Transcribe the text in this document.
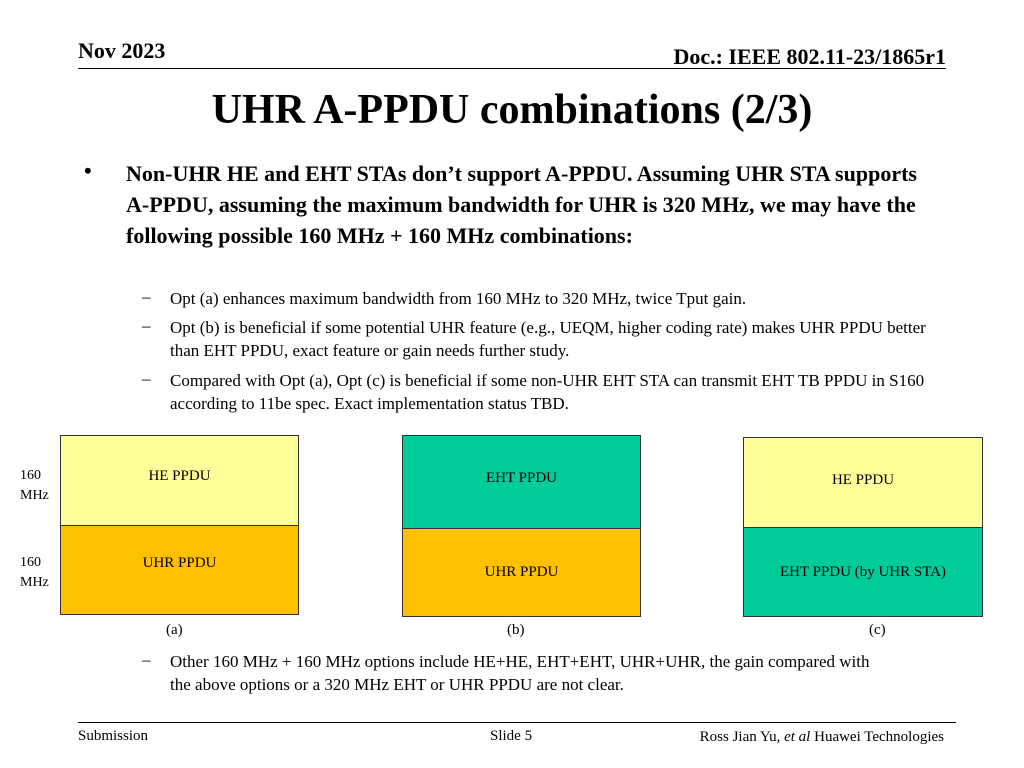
Nov 2023	Doc.: IEEE 802.11-23/1865r1
UHR A-PPDU combinations (2/3)
• Non-UHR HE and EHT STAs don’t support A-PPDU. Assuming UHR STA supports A-PPDU, assuming the maximum bandwidth for UHR is 320 MHz, we may have the following possible 160 MHz + 160 MHz combinations:
– Opt (a) enhances maximum bandwidth from 160 MHz to 320 MHz, twice Tput gain.
– Opt (b) is beneficial if some potential UHR feature (e.g., UEQM, higher coding rate) makes UHR PPDU better than EHT PPDU, exact feature or gain needs further study.
– Compared with Opt (a), Opt (c) is beneficial if some non-UHR EHT STA can transmit EHT TB PPDU in S160 according to 11be spec. Exact implementation status TBD.
160 MHz
160 MHz
HE PPDU
UHR PPDU
(a)
EHT PPDU
UHR PPDU
(b)
HE PPDU
EHT PPDU (by UHR STA)
(c)
– Other 160 MHz + 160 MHz options include HE+HE, EHT+EHT, UHR+UHR, the gain compared with the above options or a 320 MHz EHT or UHR PPDU are not clear.
Submission	Slide 5	Ross Jian Yu, et al Huawei Technologies
